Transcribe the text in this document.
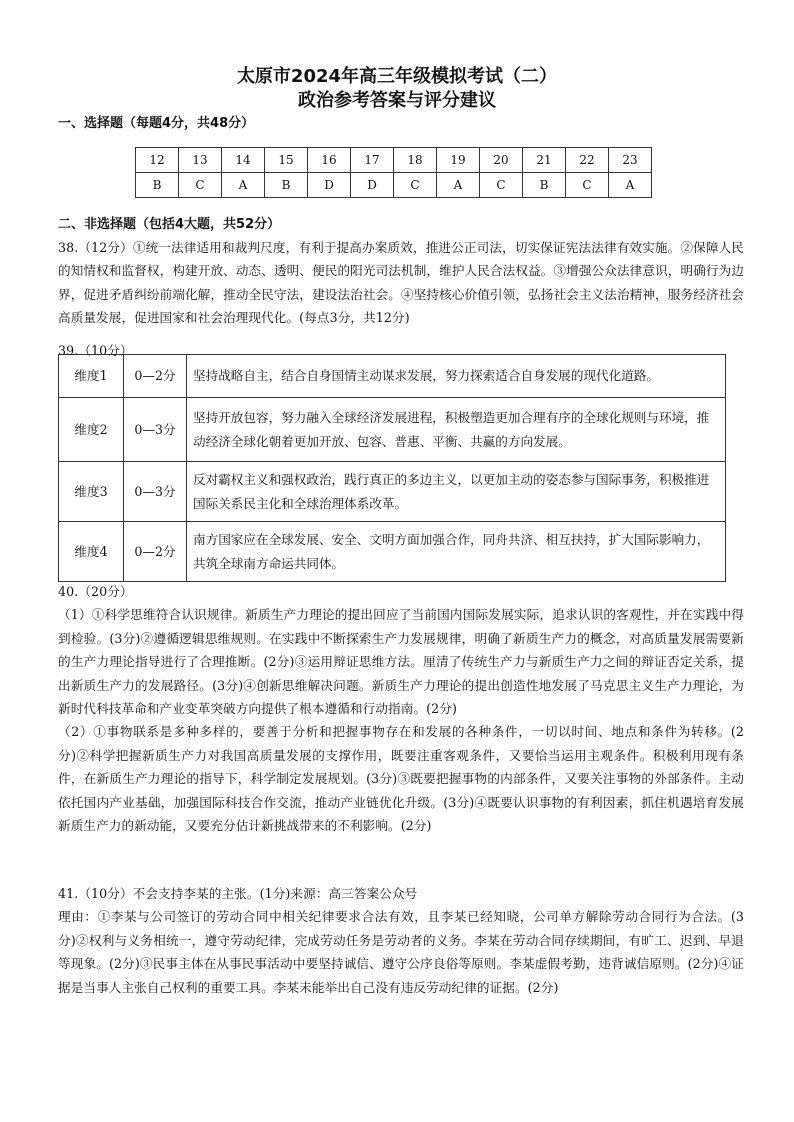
太原市2024年高三年级模拟考试（二）
政治参考答案与评分建议
一、选择题（每题4分，共48分）
12	13	14	15	16	17	18	19	20	21	22	23
B	C	A	B	D	D	C	A	C	B	C	A
二、非选择题（包括4大题，共52分）
38.（12分）①统一法律适用和裁判尺度，有利于提高办案质效，推进公正司法，切实保证宪法法律有效实施。②保障人民的知情权和监督权，构建开放、动态、透明、便民的阳光司法机制，维护人民合法权益。③增强公众法律意识，明确行为边界，促进矛盾纠纷前端化解，推动全民守法，建设法治社会。④坚持核心价值引领，弘扬社会主义法治精神，服务经济社会高质量发展，促进国家和社会治理现代化。(每点3分，共12分)
39.（10分）
维度1	0—2分	坚持战略自主，结合自身国情主动谋求发展，努力探索适合自身发展的现代化道路。
维度2	0—3分	坚持开放包容，努力融入全球经济发展进程，积极塑造更加合理有序的全球化规则与环境，推动经济全球化朝着更加开放、包容、普惠、平衡、共赢的方向发展。
维度3	0—3分	反对霸权主义和强权政治，践行真正的多边主义，以更加主动的姿态参与国际事务，积极推进国际关系民主化和全球治理体系改革。
维度4	0—2分	南方国家应在全球发展、安全、文明方面加强合作，同舟共济、相互扶持，扩大国际影响力，共筑全球南方命运共同体。
40.（20分）
（1）①科学思维符合认识规律。新质生产力理论的提出回应了当前国内国际发展实际，追求认识的客观性，并在实践中得到检验。(3分)②遵循逻辑思维规则。在实践中不断探索生产力发展规律，明确了新质生产力的概念，对高质量发展需要新的生产力理论指导进行了合理推断。(2分)③运用辩证思维方法。厘清了传统生产力与新质生产力之间的辩证否定关系，提出新质生产力的发展路径。(3分)④创新思维解决问题。新质生产力理论的提出创造性地发展了马克思主义生产力理论，为新时代科技革命和产业变革突破方向提供了根本遵循和行动指南。(2分)
（2）①事物联系是多种多样的，要善于分析和把握事物存在和发展的各种条件，一切以时间、地点和条件为转移。(2分)②科学把握新质生产力对我国高质量发展的支撑作用，既要注重客观条件，又要恰当运用主观条件。积极利用现有条件，在新质生产力理论的指导下，科学制定发展规划。(3分)③既要把握事物的内部条件，又要关注事物的外部条件。主动依托国内产业基础，加强国际科技合作交流，推动产业链优化升级。(3分)④既要认识事物的有利因素，抓住机遇培育发展新质生产力的新动能，又要充分估计新挑战带来的不利影响。(2分)
41.（10分）不会支持李某的主张。(1分)来源：高三答案公众号
理由：①李某与公司签订的劳动合同中相关纪律要求合法有效，且李某已经知晓，公司单方解除劳动合同行为合法。(3分)②权利与义务相统一，遵守劳动纪律，完成劳动任务是劳动者的义务。李某在劳动合同存续期间，有旷工、迟到、早退等现象。(2分)③民事主体在从事民事活动中要坚持诚信、遵守公序良俗等原则。李某虚假考勤，违背诚信原则。(2分)④证据是当事人主张自己权利的重要工具。李某未能举出自己没有违反劳动纪律的证据。(2分)
